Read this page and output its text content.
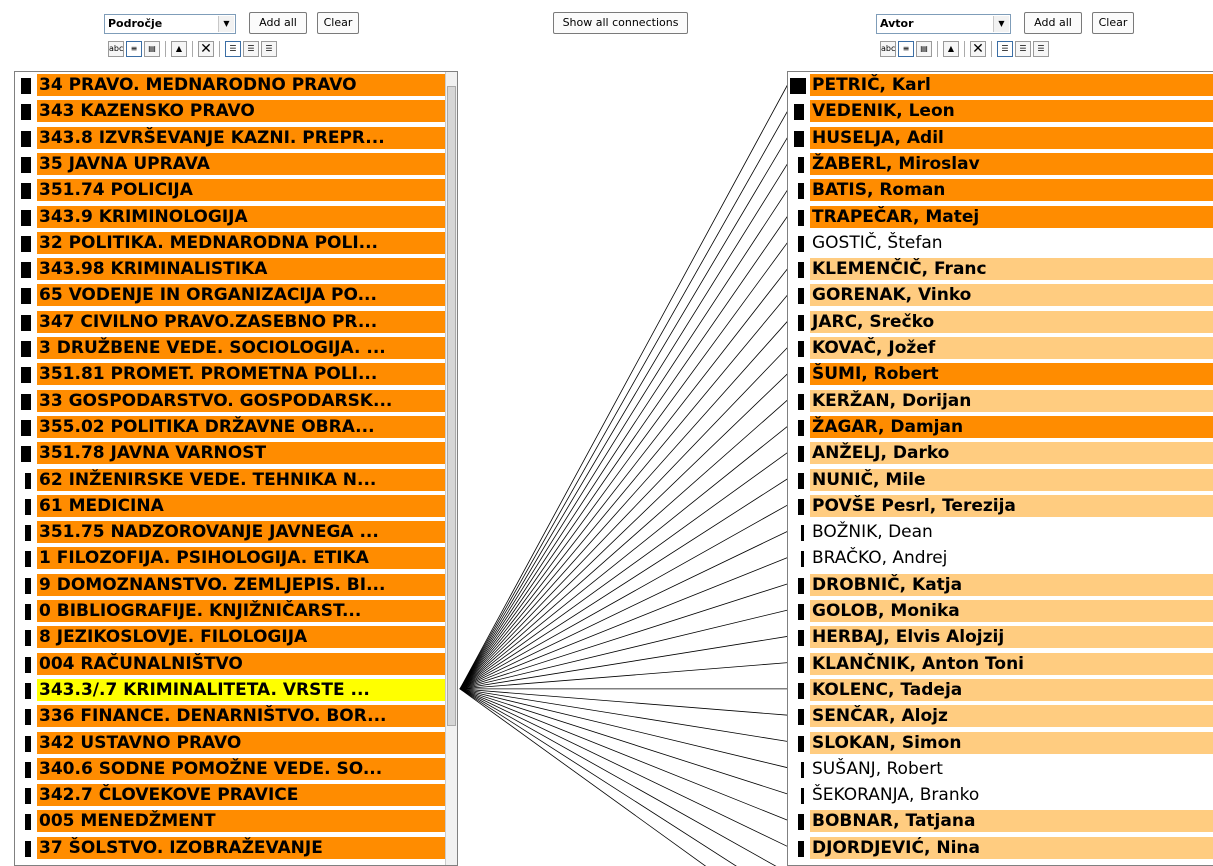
Področje	▼	Add all	Clear
abc ≡	▤	▲	✕	☰	☰	☰
Show all connections	Avtor	▼	Add all	Clear
abc ≡	▤	▲	✕	☰	☰	☰
34 PRAVO. MEDNARODNO PRAVO
343 KAZENSKO PRAVO
343.8 IZVRŠEVANJE KAZNI. PREPR...
35 JAVNA UPRAVA
351.74 POLICIJA
343.9 KRIMINOLOGIJA
32 POLITIKA. MEDNARODNA POLI...
343.98 KRIMINALISTIKA
65 VODENJE IN ORGANIZACIJA PO...
347 CIVILNO PRAVO.ZASEBNO PR...
3 DRUŽBENE VEDE. SOCIOLOGIJA. ...
351.81 PROMET. PROMETNA POLI...
33 GOSPODARSTVO. GOSPODARSK...
355.02 POLITIKA DRŽAVNE OBRA...
351.78 JAVNA VARNOST
62 INŽENIRSKE VEDE. TEHNIKA N...
61 MEDICINA
351.75 NADZOROVANJE JAVNEGA ...
1 FILOZOFIJA. PSIHOLOGIJA. ETIKA
9 DOMOZNANSTVO. ZEMLJEPIS. BI...
0 BIBLIOGRAFIJE. KNJIŽNIČARST...
8 JEZIKOSLOVJE. FILOLOGIJA
004 RAČUNALNIŠTVO
343.3/.7 KRIMINALITETA. VRSTE ...
336 FINANCE. DENARNIŠTVO. BOR...
342 USTAVNO PRAVO
340.6 SODNE POMOŽNE VEDE. SO...
342.7 ČLOVEKOVE PRAVICE
005 MENEDŽMENT
37 ŠOLSTVO. IZOBRAŽEVANJE
PETRIČ, Karl
VEDENIK, Leon
HUSELJA, Adil
ŽABERL, Miroslav
BATIS, Roman
TRAPEČAR, Matej
GOSTIČ, Štefan
KLEMENČIČ, Franc
GORENAK, Vinko
JARC, Srečko
KOVAČ, Jožef
ŠUMI, Robert
KERŽAN, Dorijan
ŽAGAR, Damjan
ANŽELJ, Darko
NUNIČ, Mile
POVŠE Pesrl, Terezija
BOŽNIK, Dean
BRAČKO, Andrej
DROBNIČ, Katja
GOLOB, Monika
HERBAJ, Elvis Alojzij
KLANČNIK, Anton Toni
KOLENC, Tadeja
SENČAR, Alojz
SLOKAN, Simon
SUŠANJ, Robert
ŠEKORANJA, Branko
BOBNAR, Tatjana
DJORDJEVIĆ, Nina
